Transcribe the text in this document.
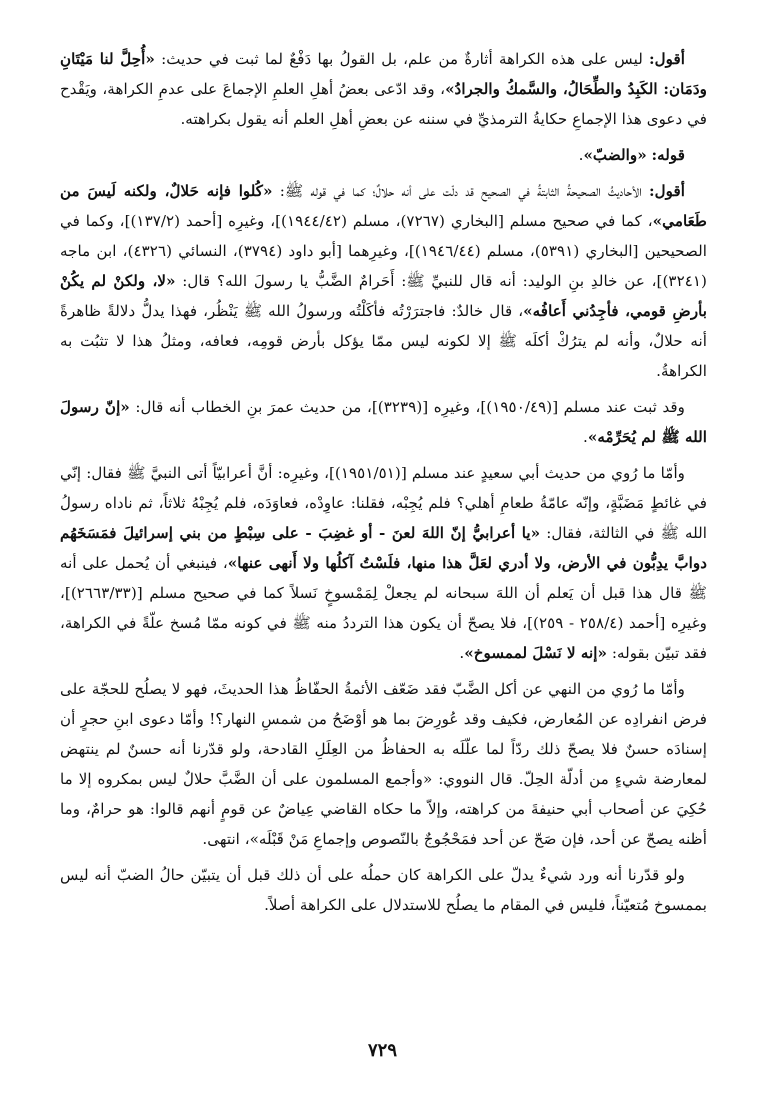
أقول: ليس على هذه الكراهة أثارةٌ من علم، بل القولُ بها دَفْعٌ لما ثبت في حديث: «أُحِلَّ لنا مَيْتَانِ ودَمَان: الكَبِدُ والطِّحَالُ، والسَّمكُ والجرادُ»، وقد ادّعى بعضُ أهلِ العلمِ الإجماعَ على عدمِ الكراهة، ويَقْدح في دعوى هذا الإجماعِ حكايةُ الترمذيِّ في سننه عن بعضِ أهلِ العلم أنه يقول بكراهته.

قوله: «والضبّ».

أقول: الأحاديثُ الصحيحةُ الثابتةُ في الصحيح قد دلّت على أنه حلالٌ؛ كما في قوله ﷺ: «كُلوا فإنه حَلالٌ، ولكنه لَيسَ من طَعَامي»، كما في صحيح مسلم [البخاري (٧٢٦٧)، مسلم (١٩٤٤/٤٢)]، وغيرِه [أحمد (١٣٧/٢)]، وكما في الصحيحين [البخاري (٥٣٩١)، مسلم (١٩٤٦/٤٤)]، وغيرِهما [أبو داود (٣٧٩٤)، النسائي (٤٣٢٦)، ابن ماجه (٣٢٤١)]، عن خالدِ بنِ الوليد: أنه قال للنبيِّ ﷺ: أَحَرامٌ الضَّبُّ يا رسولَ الله؟ قال: «لا، ولكنْ لم يكُنْ بأرضِ قومي، فأجِدُني أَعافُه»، قال خالدٌ: فاجترَرْتُه فأكَلْتُه ورسولُ الله ﷺ يَنْظُر، فهذا يدلُّ دلالةً ظاهرةً أنه حلالٌ، وأنه لم يترُكْ أكلَه ﷺ إلا لكونه ليس ممّا يؤكل بأرض قومِه، فعافه، ومثلُ هذا لا تثبُت به الكراهةُ.

وقد ثبت عند مسلم [(١٩٥٠/٤٩)]، وغيرِه [(٣٢٣٩)]، من حديث عمرَ بنِ الخطاب أنه قال: «إنّ رسولَ الله ﷺ لم يُحَرِّمْه».

وأمّا ما رُوي من حديث أبي سعيدٍ عند مسلم [(١٩٥١/٥١)]، وغيرِه: أنَّ أعرابيّاً أتى النبيَّ ﷺ فقال: إنّي في غائطٍ مَضَبَّةٍ، وإنّه عامّةُ طعامِ أهلي؟ فلم يُجِبْه، فقلنا: عاوِدْه، فعاوَدَه، فلم يُجِبْهُ ثلاثاً، ثم ناداه رسولُ الله ﷺ في الثالثة، فقال: «يا أعرابيُّ إنّ اللهَ لعنَ - أو غضِبَ - على سِبْطٍ من بني إسرائيلَ فمَسَخَهُم دوابَّ يدِبُّون في الأرض، ولا أدري لعَلَّ هذا منها، فلَسْتُ آكلُها ولا أَنهى عنها»، فينبغي أن يُحمل على أنه ﷺ قال هذا قبل أن يَعلم أن اللهَ سبحانه لم يجعلْ لِمَمْسوخٍ نَسلاً كما في صحيح مسلم [(٢٦٦٣/٣٣)]، وغيرِه [أحمد (٢٥٨/٤ - ٢٥٩)]، فلا يصحّ أن يكون هذا الترددُ منه ﷺ في كونه ممّا مُسخ علّةً في الكراهة، فقد تبيّن بقوله: «إنه لا نَسْلَ لممسوخ».

وأمّا ما رُوي من النهي عن أكل الضَّبّ فقد ضَعّف الأئمةُ الحفّاظُ هذا الحديثَ، فهو لا يصلُح للحجّة على فرض انفرادِه عن المُعارض، فكيف وقد عُورِضَ بما هو أوْضَحُ من شمسِ النهار؟! وأمّا دعوى ابنِ حجرٍ أن إسنادَه حسنٌ فلا يصحّ ذلك ردّاً لما علّلَه به الحفاظُ من العِلَلِ القادحة، ولو قدّرنا أنه حسنٌ لم ينتهض لمعارضة شيءٍ من أدلّة الحِلّ. قال النووي: «وأجمع المسلمون على أن الضَّبَّ حلالٌ ليس بمكروه إلا ما حُكِيَ عن أصحاب أبي حنيفةَ من كراهته، وإلاّ ما حكاه القاضي عِياضٌ عن قومٍ أنهم قالوا: هو حرامٌ، وما أظنه يصحّ عن أحد، فإن صَحّ عن أحد فمَحْجُوجٌ بالنّصوص وإجماعِ مَنْ قَبْلَه»، انتهى.

ولو قدّرنا أنه ورد شيءٌ يدلّ على الكراهة كان حملُه على أن ذلك قبل أن يتبيّن حالُ الضبّ أنه ليس بممسوخ مُتعيّناً، فليس في المقام ما يصلُح للاستدلال على الكراهة أصلاً.

٧٢٩
